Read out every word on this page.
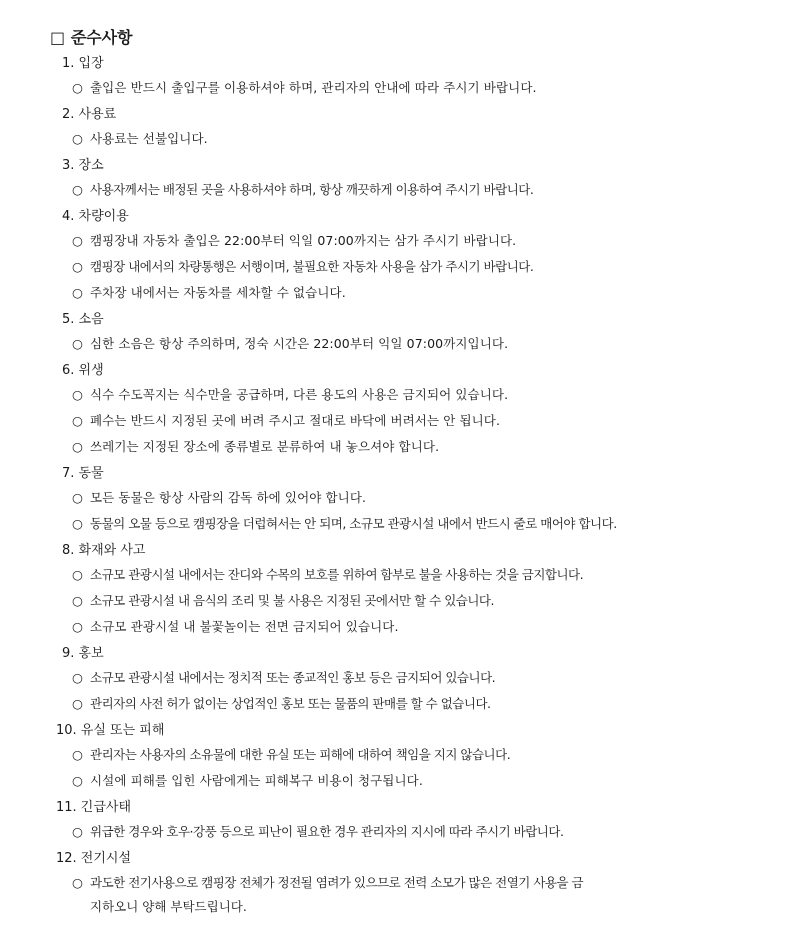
□ 준수사항
1. 입장
○ 출입은 반드시 출입구를 이용하셔야 하며, 관리자의 안내에 따라 주시기 바랍니다.
2. 사용료
○ 사용료는 선불입니다.
3. 장소
○ 사용자께서는 배정된 곳을 사용하셔야 하며, 항상 깨끗하게 이용하여 주시기 바랍니다.
4. 차량이용
○ 캠핑장내 자동차 출입은 22:00부터 익일 07:00까지는 삼가 주시기 바랍니다.
○ 캠핑장 내에서의 차량통행은 서행이며, 불필요한 자동차 사용을 삼가 주시기 바랍니다.
○ 주차장 내에서는 자동차를 세차할 수 없습니다.
5. 소음
○ 심한 소음은 항상 주의하며, 정숙 시간은 22:00부터 익일 07:00까지입니다.
6. 위생
○ 식수 수도꼭지는 식수만을 공급하며, 다른 용도의 사용은 금지되어 있습니다.
○ 폐수는 반드시 지정된 곳에 버려 주시고 절대로 바닥에 버려서는 안 됩니다.
○ 쓰레기는 지정된 장소에 종류별로 분류하여 내 놓으셔야 합니다.
7. 동물
○ 모든 동물은 항상 사람의 감독 하에 있어야 합니다.
○ 동물의 오물 등으로 캠핑장을 더럽혀서는 안 되며, 소규모 관광시설 내에서 반드시 줄로 매어야 합니다.
8. 화재와 사고
○ 소규모 관광시설 내에서는 잔디와 수목의 보호를 위하여 함부로 불을 사용하는 것을 금지합니다.
○ 소규모 관광시설 내 음식의 조리 및 불 사용은 지정된 곳에서만 할 수 있습니다.
○ 소규모 관광시설 내 불꽃놀이는 전면 금지되어 있습니다.
9. 홍보
○ 소규모 관광시설 내에서는 정치적 또는 종교적인 홍보 등은 금지되어 있습니다.
○ 관리자의 사전 허가 없이는 상업적인 홍보 또는 물품의 판매를 할 수 없습니다.
10. 유실 또는 피해
○ 관리자는 사용자의 소유물에 대한 유실 또는 피해에 대하여 책임을 지지 않습니다.
○ 시설에 피해를 입힌 사람에게는 피해복구 비용이 청구됩니다.
11. 긴급사태
○ 위급한 경우와 호우·강풍 등으로 피난이 필요한 경우 관리자의 지시에 따라 주시기 바랍니다.
12. 전기시설
○ 과도한 전기사용으로 캠핑장 전체가 정전될 염려가 있으므로 전력 소모가 많은 전열기 사용을 금
지하오니 양해 부탁드립니다.
